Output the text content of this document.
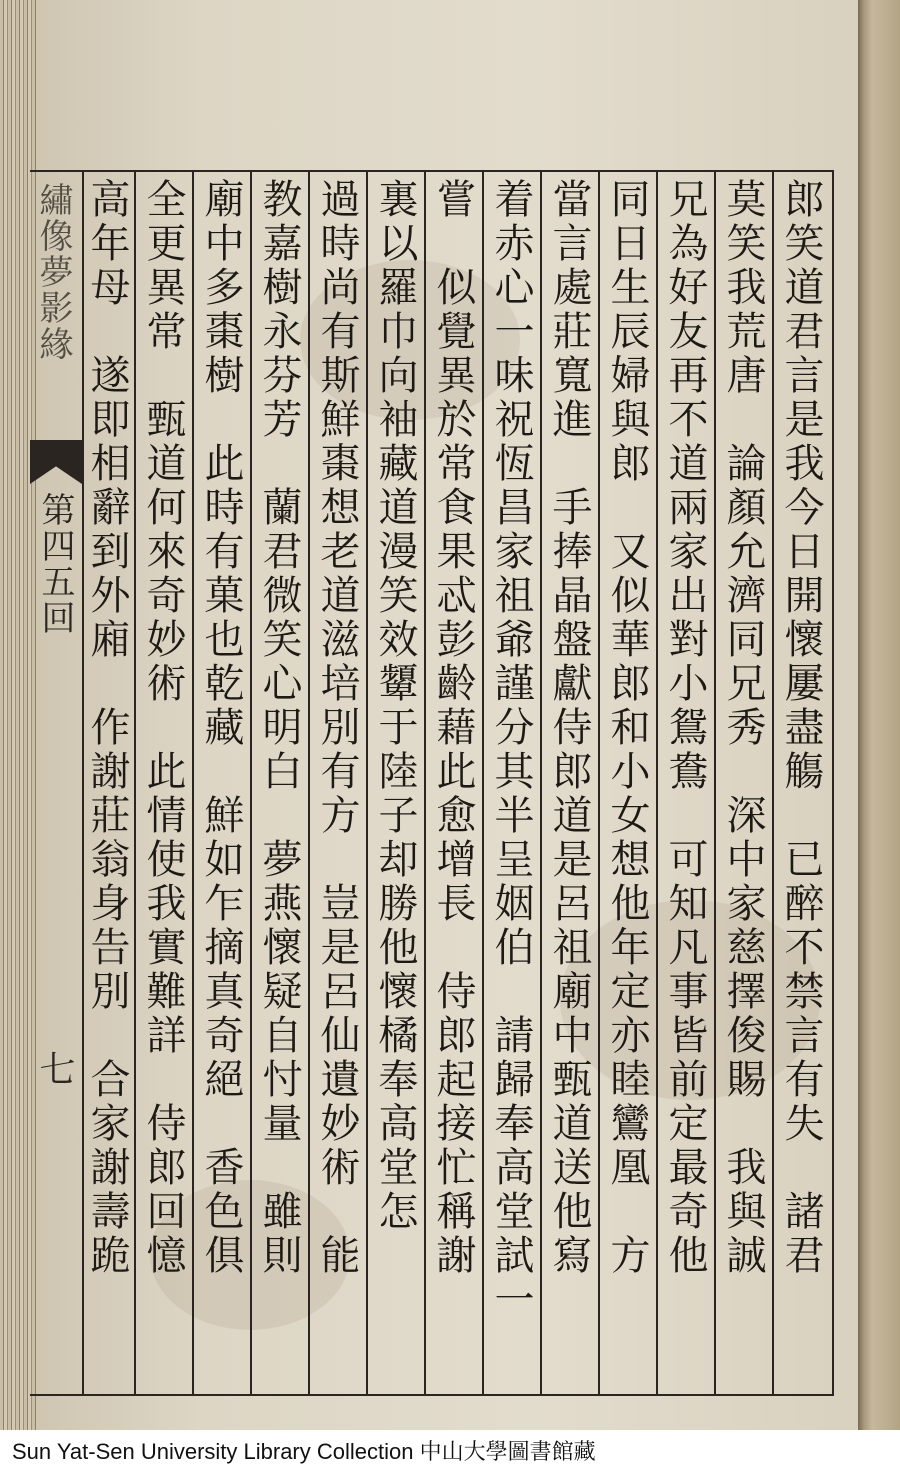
繡像夢影緣
第四五回
七	郎笑道君言是我今日開懷屢盡觴　已醉不禁言有失　諸君
莫笑我荒唐　論顏允濟同兄秀　深中家慈擇俊賜　我與誠
兄為好友再不道兩家出對小鴛鴦　可知凡事皆前定最奇他
同日生辰婦與郎　又似華郎和小女想他年定亦睦鸞凰　方
當言處莊寬進　手捧晶盤獻侍郎道是呂祖廟中甄道送他寫
着赤心一味祝恆昌家祖爺謹分其半呈姻伯　請歸奉高堂試一
嘗　似覺異於常食果忒彭齡藉此愈增長　侍郎起接忙稱謝
裏以羅巾向袖藏道漫笑效顰于陸子却勝他懷橘奉高堂怎
過時尚有斯鮮棗想老道滋培別有方　豈是呂仙遺妙術　能
教嘉樹永芬芳　蘭君微笑心明白　夢燕懷疑自忖量　雖則
廟中多棗樹　此時有菓也乾藏　鮮如乍摘真奇絕　香色俱
全更異常　甄道何來奇妙術　此情使我實難詳　侍郎回憶
高年母　遂即相辭到外廂　作謝莊翁身告別　合家謝壽跪
Sun Yat-Sen University Library Collection 中山大學圖書館藏
